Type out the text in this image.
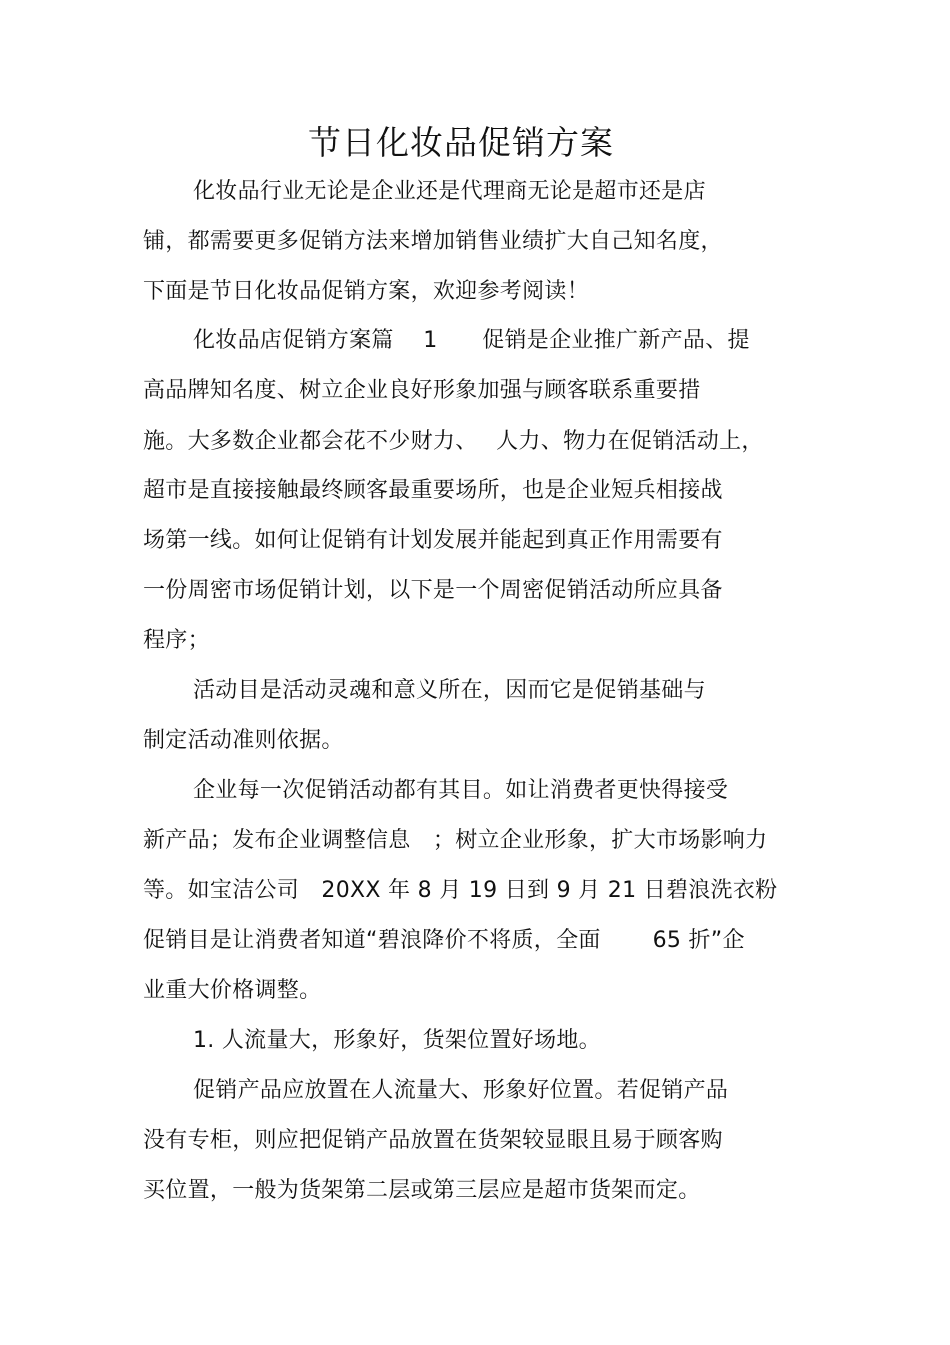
节日化妆品促销方案
化妆品行业无论是企业还是代理商无论是超市还是店
铺，都需要更多促销方法来增加销售业绩扩大自己知名度，
下面是节日化妆品促销方案，欢迎参考阅读！
化妆品店促销方案篇　 1　　促销是企业推广新产品、提
高品牌知名度、树立企业良好形象加强与顾客联系重要措
施。大多数企业都会花不少财力、　 人力、物力在促销活动上，
超市是直接接触最终顾客最重要场所，也是企业短兵相接战
场第一线。如何让促销有计划发展并能起到真正作用需要有
一份周密市场促销计划，以下是一个周密促销活动所应具备
程序；
活动目是活动灵魂和意义所在，因而它是促销基础与
制定活动准则依据。
企业每一次促销活动都有其目。如让消费者更快得接受
新产品；发布企业调整信息　；树立企业形象，扩大市场影响力
等。如宝洁公司　20XX 年 8 月 19 日到 9 月 21 日碧浪洗衣粉
促销目是让消费者知道“碧浪降价不将质，全面　　 65 折”企
业重大价格调整。
1. 人流量大，形象好，货架位置好场地。
促销产品应放置在人流量大、形象好位置。若促销产品
没有专柜，则应把促销产品放置在货架较显眼且易于顾客购
买位置，一般为货架第二层或第三层应是超市货架而定。
